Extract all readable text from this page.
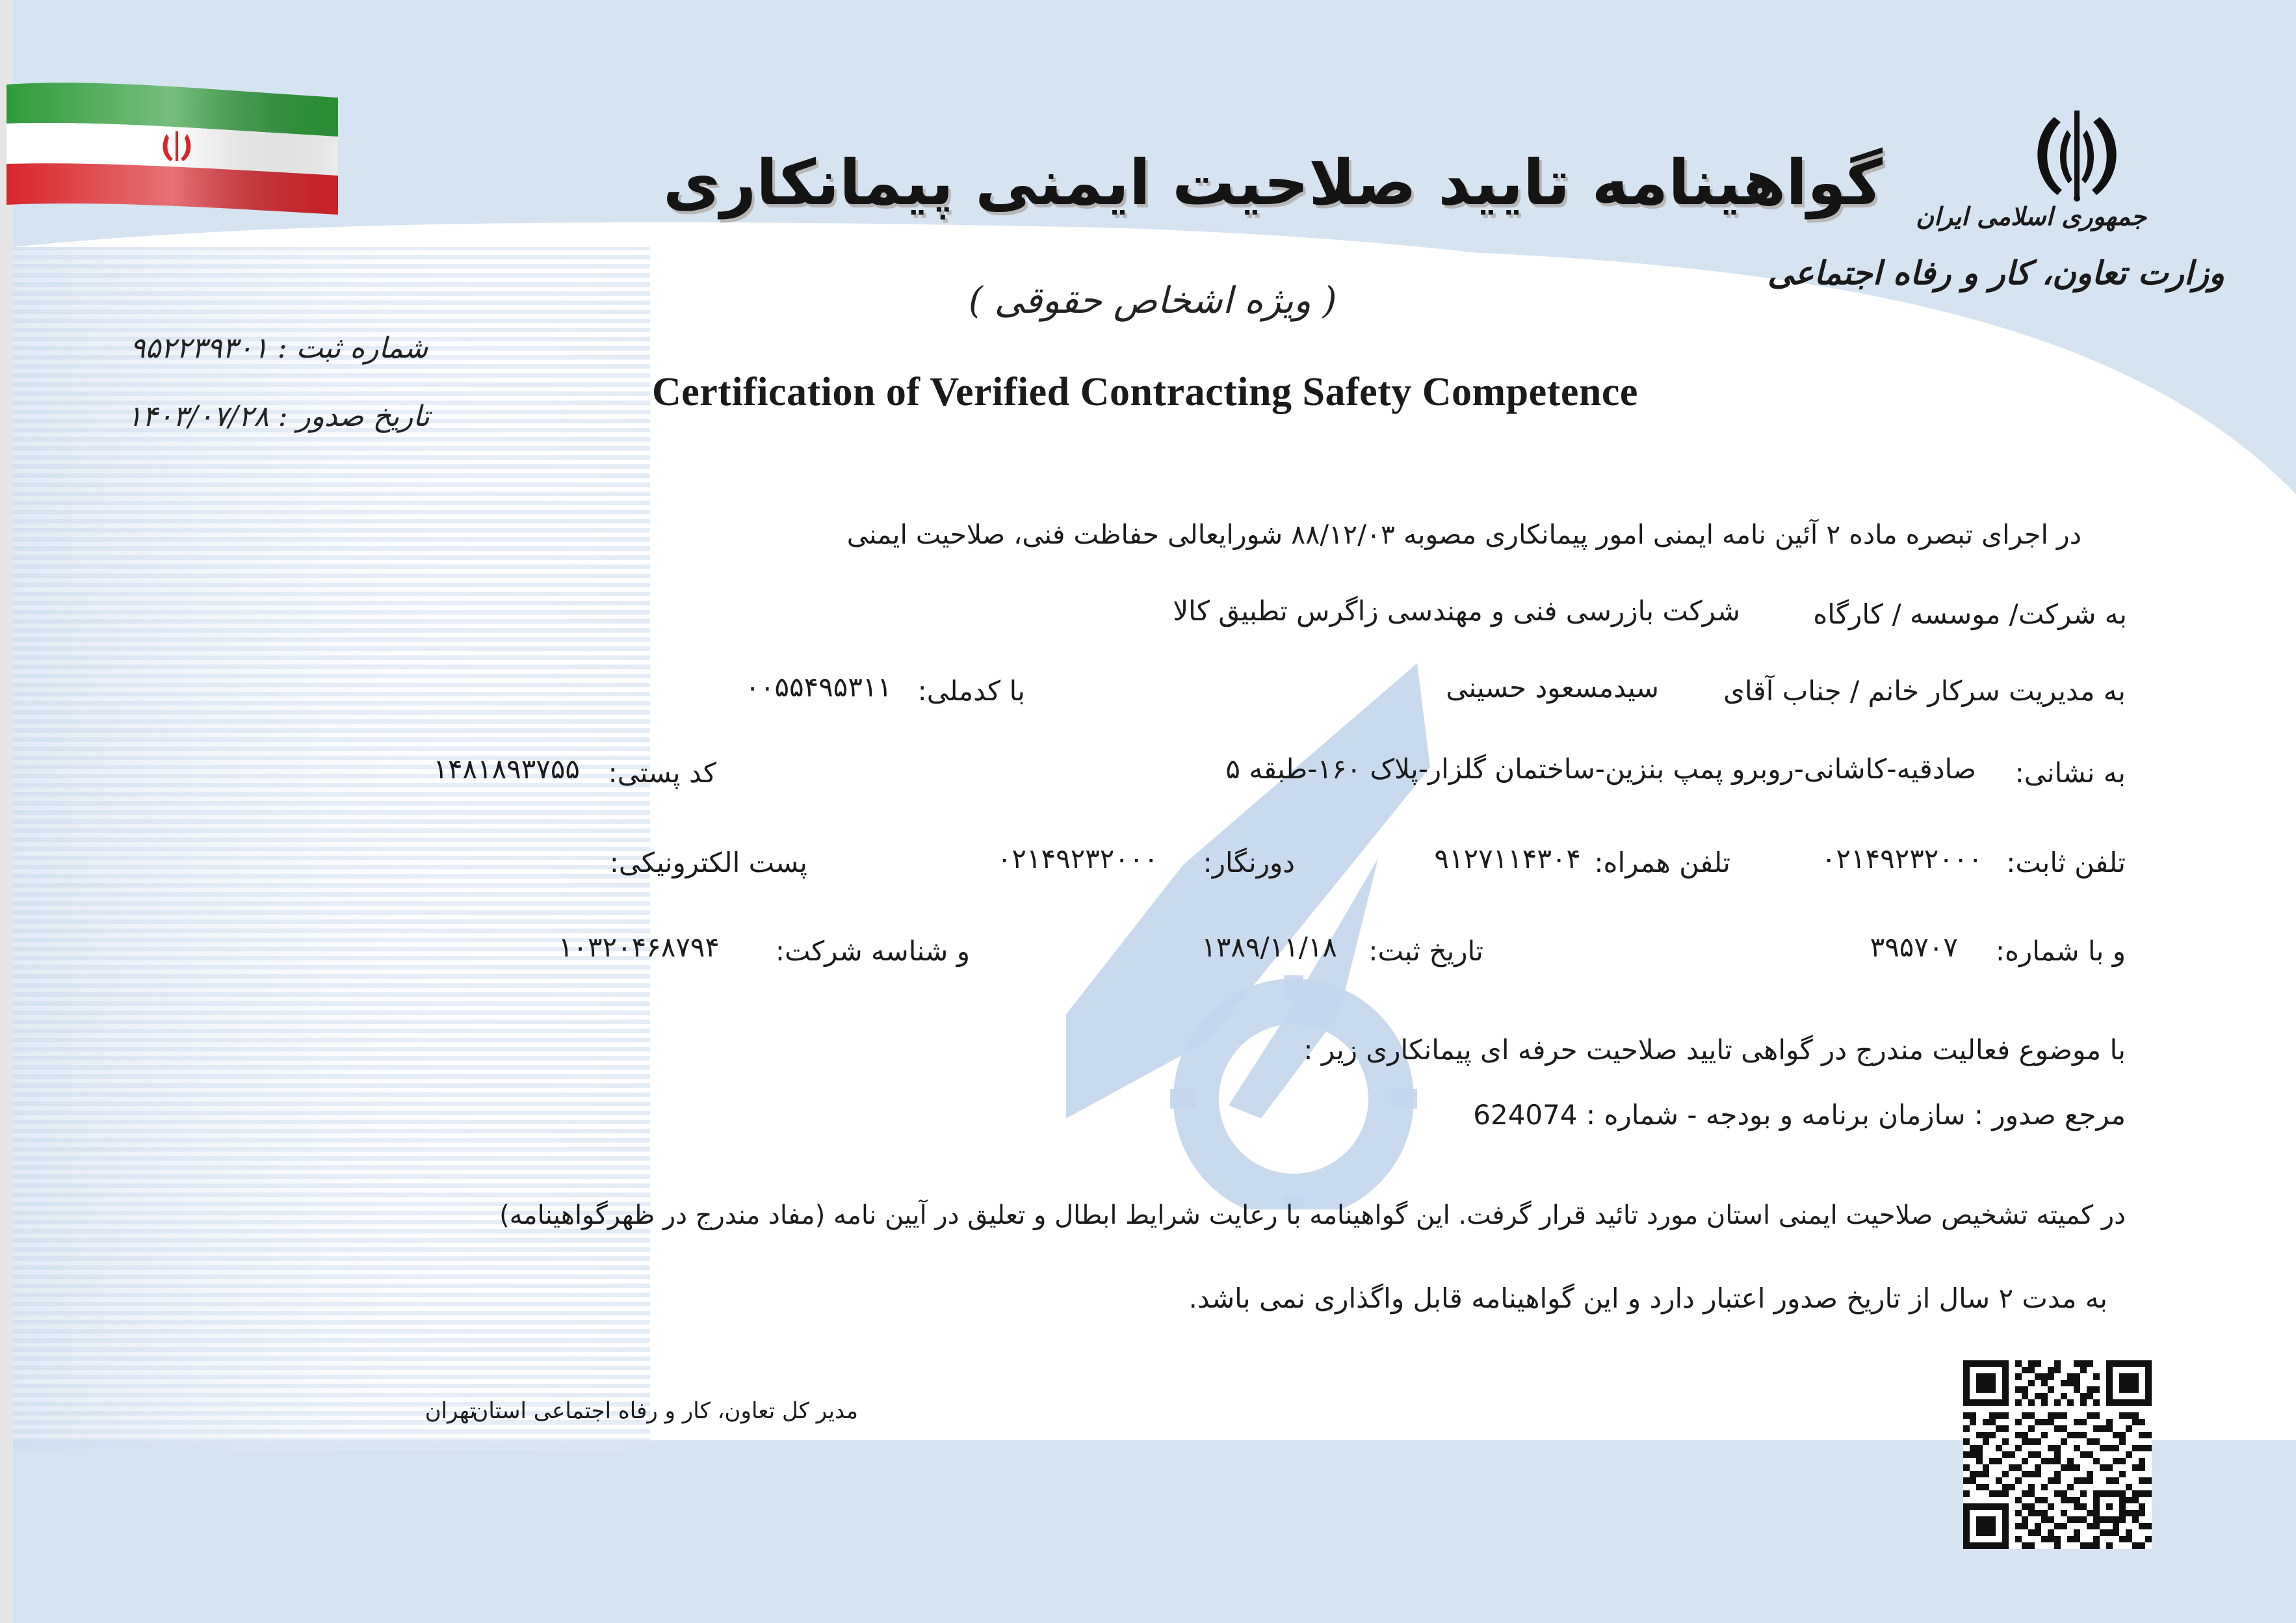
جمهوری اسلامی ایران
وزارت تعاون، کار و رفاه اجتماعی
گواهینامه تایید صلاحیت ایمنی پیمانکاری
( ویژه اشخاص حقوقی )
Certification of Verified Contracting Safety Competence
شماره ثبت : ۹۵۲۲۳۹۳۰۱
تاریخ صدور : ۱۴۰۳/۰۷/۲۸
در اجرای تبصره ماده ۲ آئین نامه ایمنی امور پیمانکاری مصوبه ۸۸/۱۲/۰۳ شورایعالی حفاظت فنی، صلاحیت ایمنی
به شرکت/ موسسه / کارگاه
شرکت بازرسی فنی و مهندسی زاگرس تطبیق کالا
به مدیریت سرکار خانم / جناب آقای
سیدمسعود حسینی
با کدملی:
۰۰۵۵۴۹۵۳۱۱
به نشانی:
صادقیه-کاشانی-روبرو پمپ بنزین-ساختمان گلزار-پلاک ۱۶۰-طبقه ۵
کد پستی:
۱۴۸۱۸۹۳۷۵۵
تلفن ثابت:
۰۲۱۴۹۲۳۲۰۰۰
تلفن همراه:
۹۱۲۷۱۱۴۳۰۴
دورنگار:
۰۲۱۴۹۲۳۲۰۰۰
پست الکترونیکی:
و با شماره:
۳۹۵۷۰۷
تاریخ ثبت:
۱۳۸۹/۱۱/۱۸
و شناسه شرکت:
۱۰۳۲۰۴۶۸۷۹۴
با موضوع فعالیت مندرج در گواهی تایید صلاحیت حرفه ای پیمانکاری زیر :
مرجع صدور : سازمان برنامه و بودجه - شماره : 624074
در کمیته تشخیص صلاحیت ایمنی استان مورد تائید قرار گرفت. این گواهینامه با رعایت شرایط ابطال و تعلیق در آیین نامه (مفاد مندرج در ظهرگواهینامه)
به مدت ۲ سال از تاریخ صدور اعتبار دارد و این گواهینامه قابل واگذاری نمی باشد.
مدیر کل تعاون، کار و رفاه اجتماعی استان
تهران
